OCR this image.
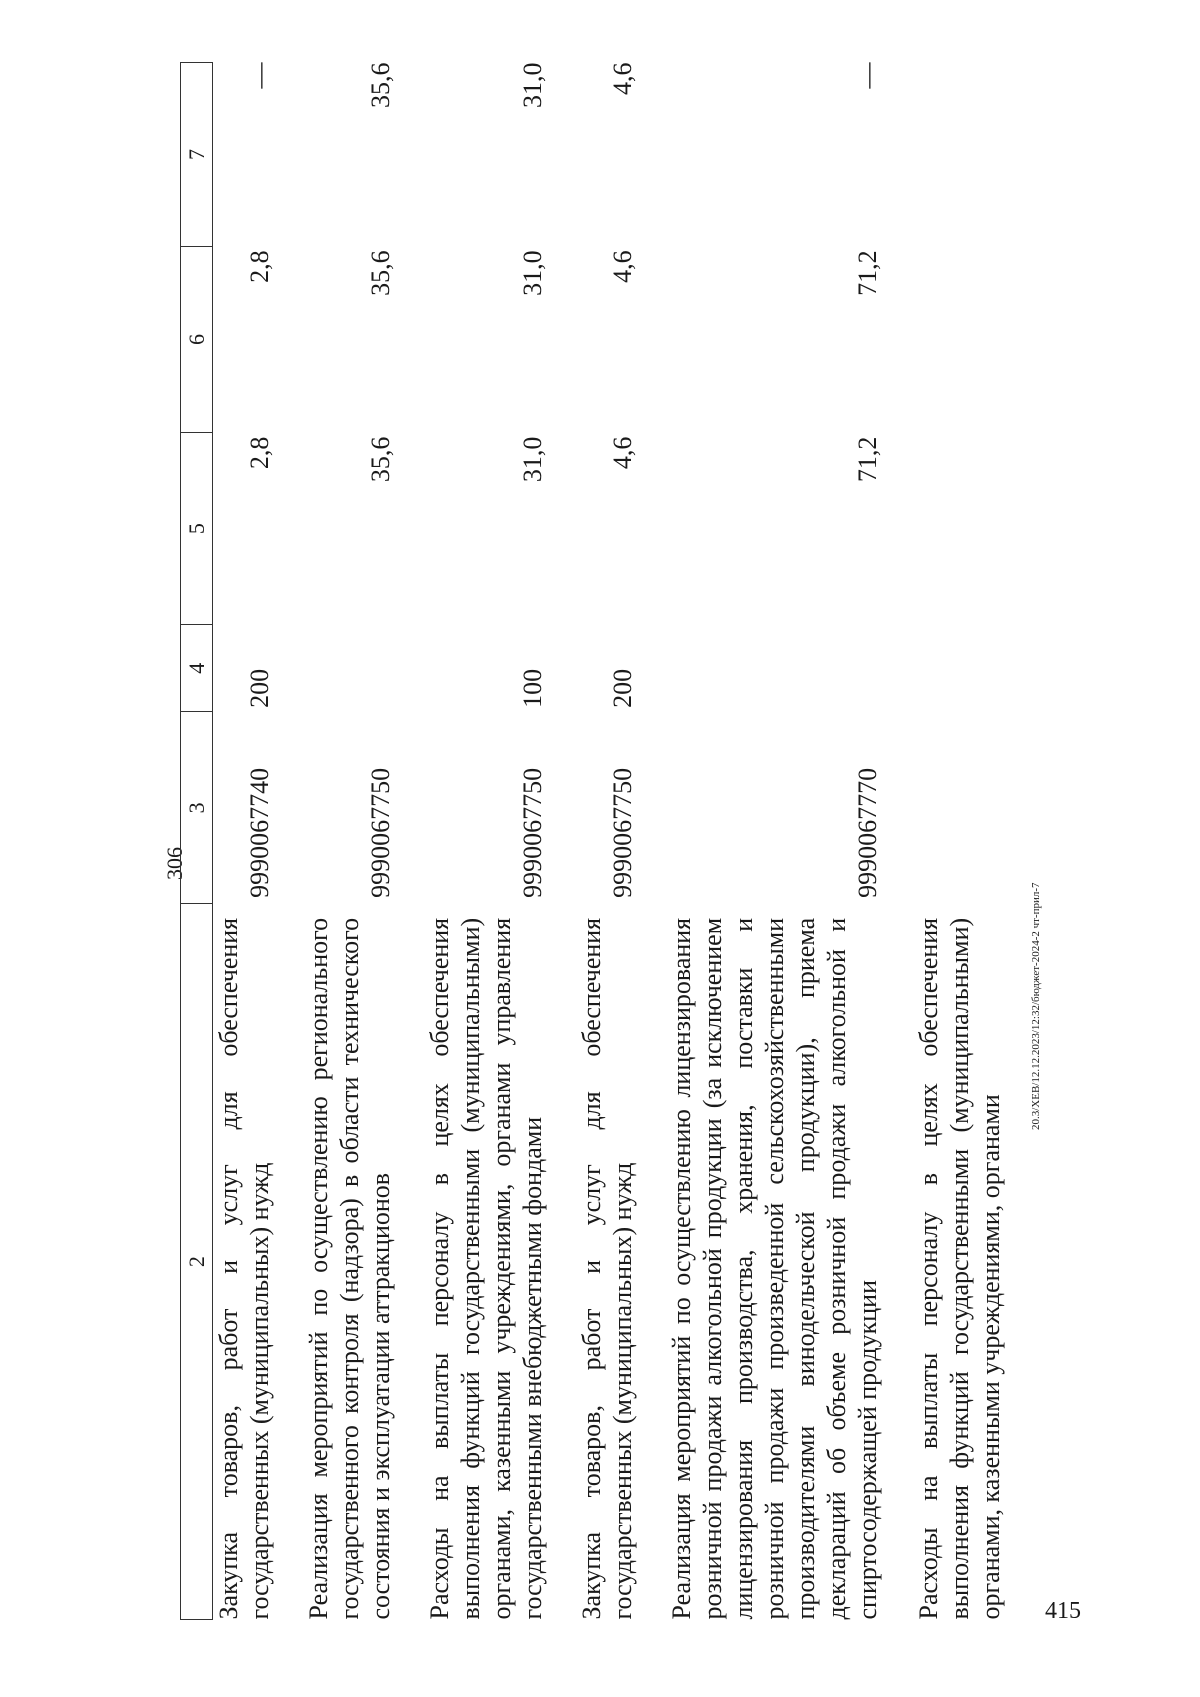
306
2	3	4	5	6	7
Закупка товаров, работ и услуг для обеспечения государственных (муниципальных) нужд	9990067740	200	2,8	2,8	—
Реализация мероприятий по осуществлению регионального государственного контроля (надзора) в области технического состояния и эксплуатации аттракционов	9990067750		35,6	35,6	35,6
Расходы на выплаты персоналу в целях обеспечения выполнения функций государственными (муниципальными) органами, казенными учреждениями, органами управления государственными внебюджетными фондами	9990067750	100	31,0	31,0	31,0
Закупка товаров, работ и услуг для обеспечения государственных (муниципальных) нужд	9990067750	200	4,6	4,6	4,6
Реализация мероприятий по осуществлению лицензирования розничной продажи алкогольной продукции (за исключением лицензирования производства, хранения, поставки и розничной продажи произведенной сельскохозяйственными производителями винодельческой продукции), приема деклараций об объеме розничной продажи алкогольной и спиртосодержащей продукции	9990067770		71,2	71,2	—
Расходы на выплаты персоналу в целях обеспечения выполнения функций государственными (муниципальными) органами, казенными учреждениями, органами					
20.3/XEB/12.12.2023/12:32/бюджет-2024-2 чт-прил-7
415
